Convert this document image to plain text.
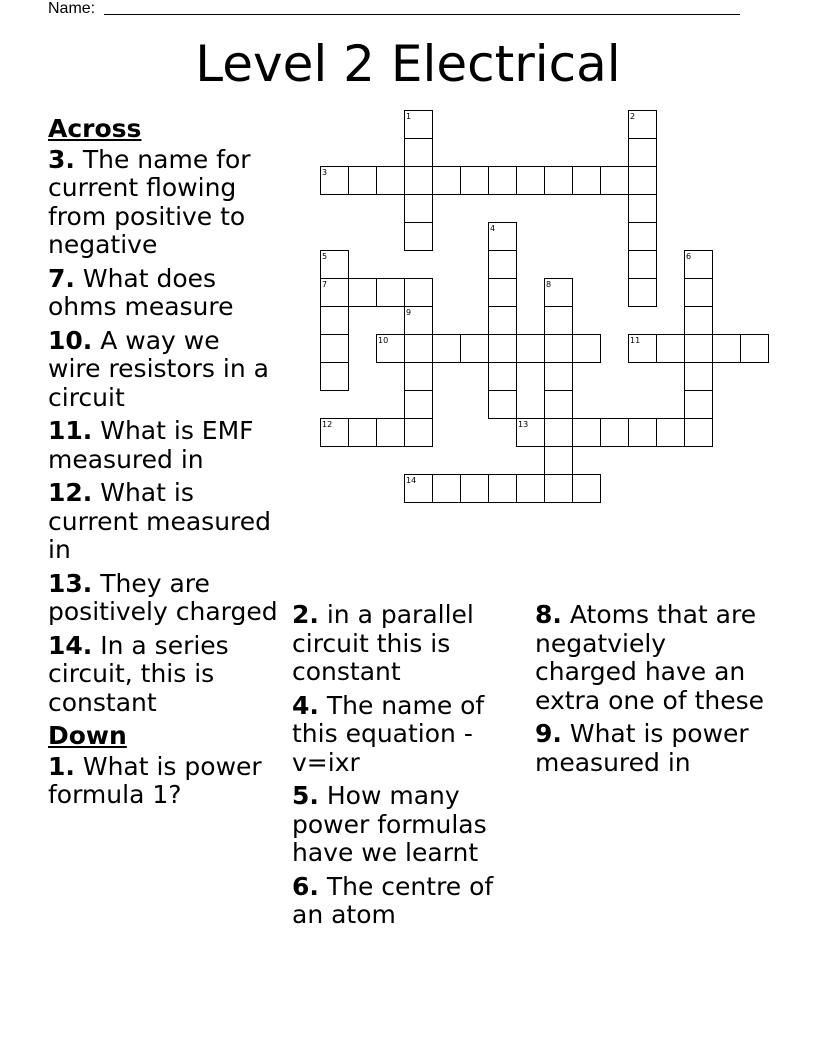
Name:
Level 2 Electrical
3
7
10	11
12	13
14
1	2
4
5	6
8
9
Across
3. The name for current flowing from positive to negative
7. What does ohms measure
10. A way we wire resistors in a circuit
11. What is EMF measured in
12. What is current measured in
13. They are positively charged
14. In a series circuit, this is constant
Down
1. What is power formula 1?
2. in a parallel circuit this is constant
4. The name of this equation - v=ixr
5. How many power formulas have we learnt
6. The centre of an atom
8. Atoms that are negatviely charged have an extra one of these
9. What is power measured in
